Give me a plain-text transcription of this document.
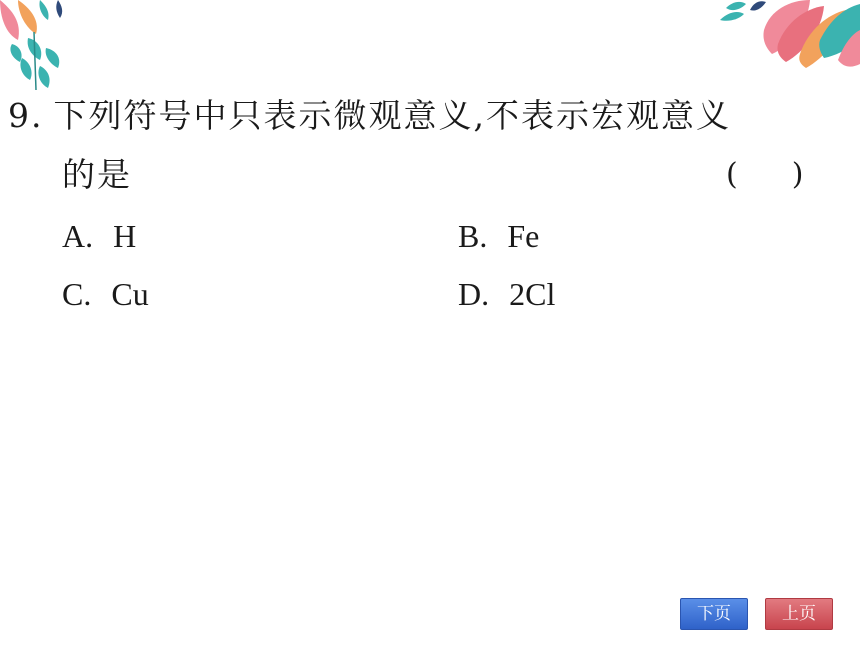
9. 下列符号中只表示微观意义,不表示宏观意义
的是	( )
A. H	B. Fe
C. Cu	D. 2Cl
下页	上页
